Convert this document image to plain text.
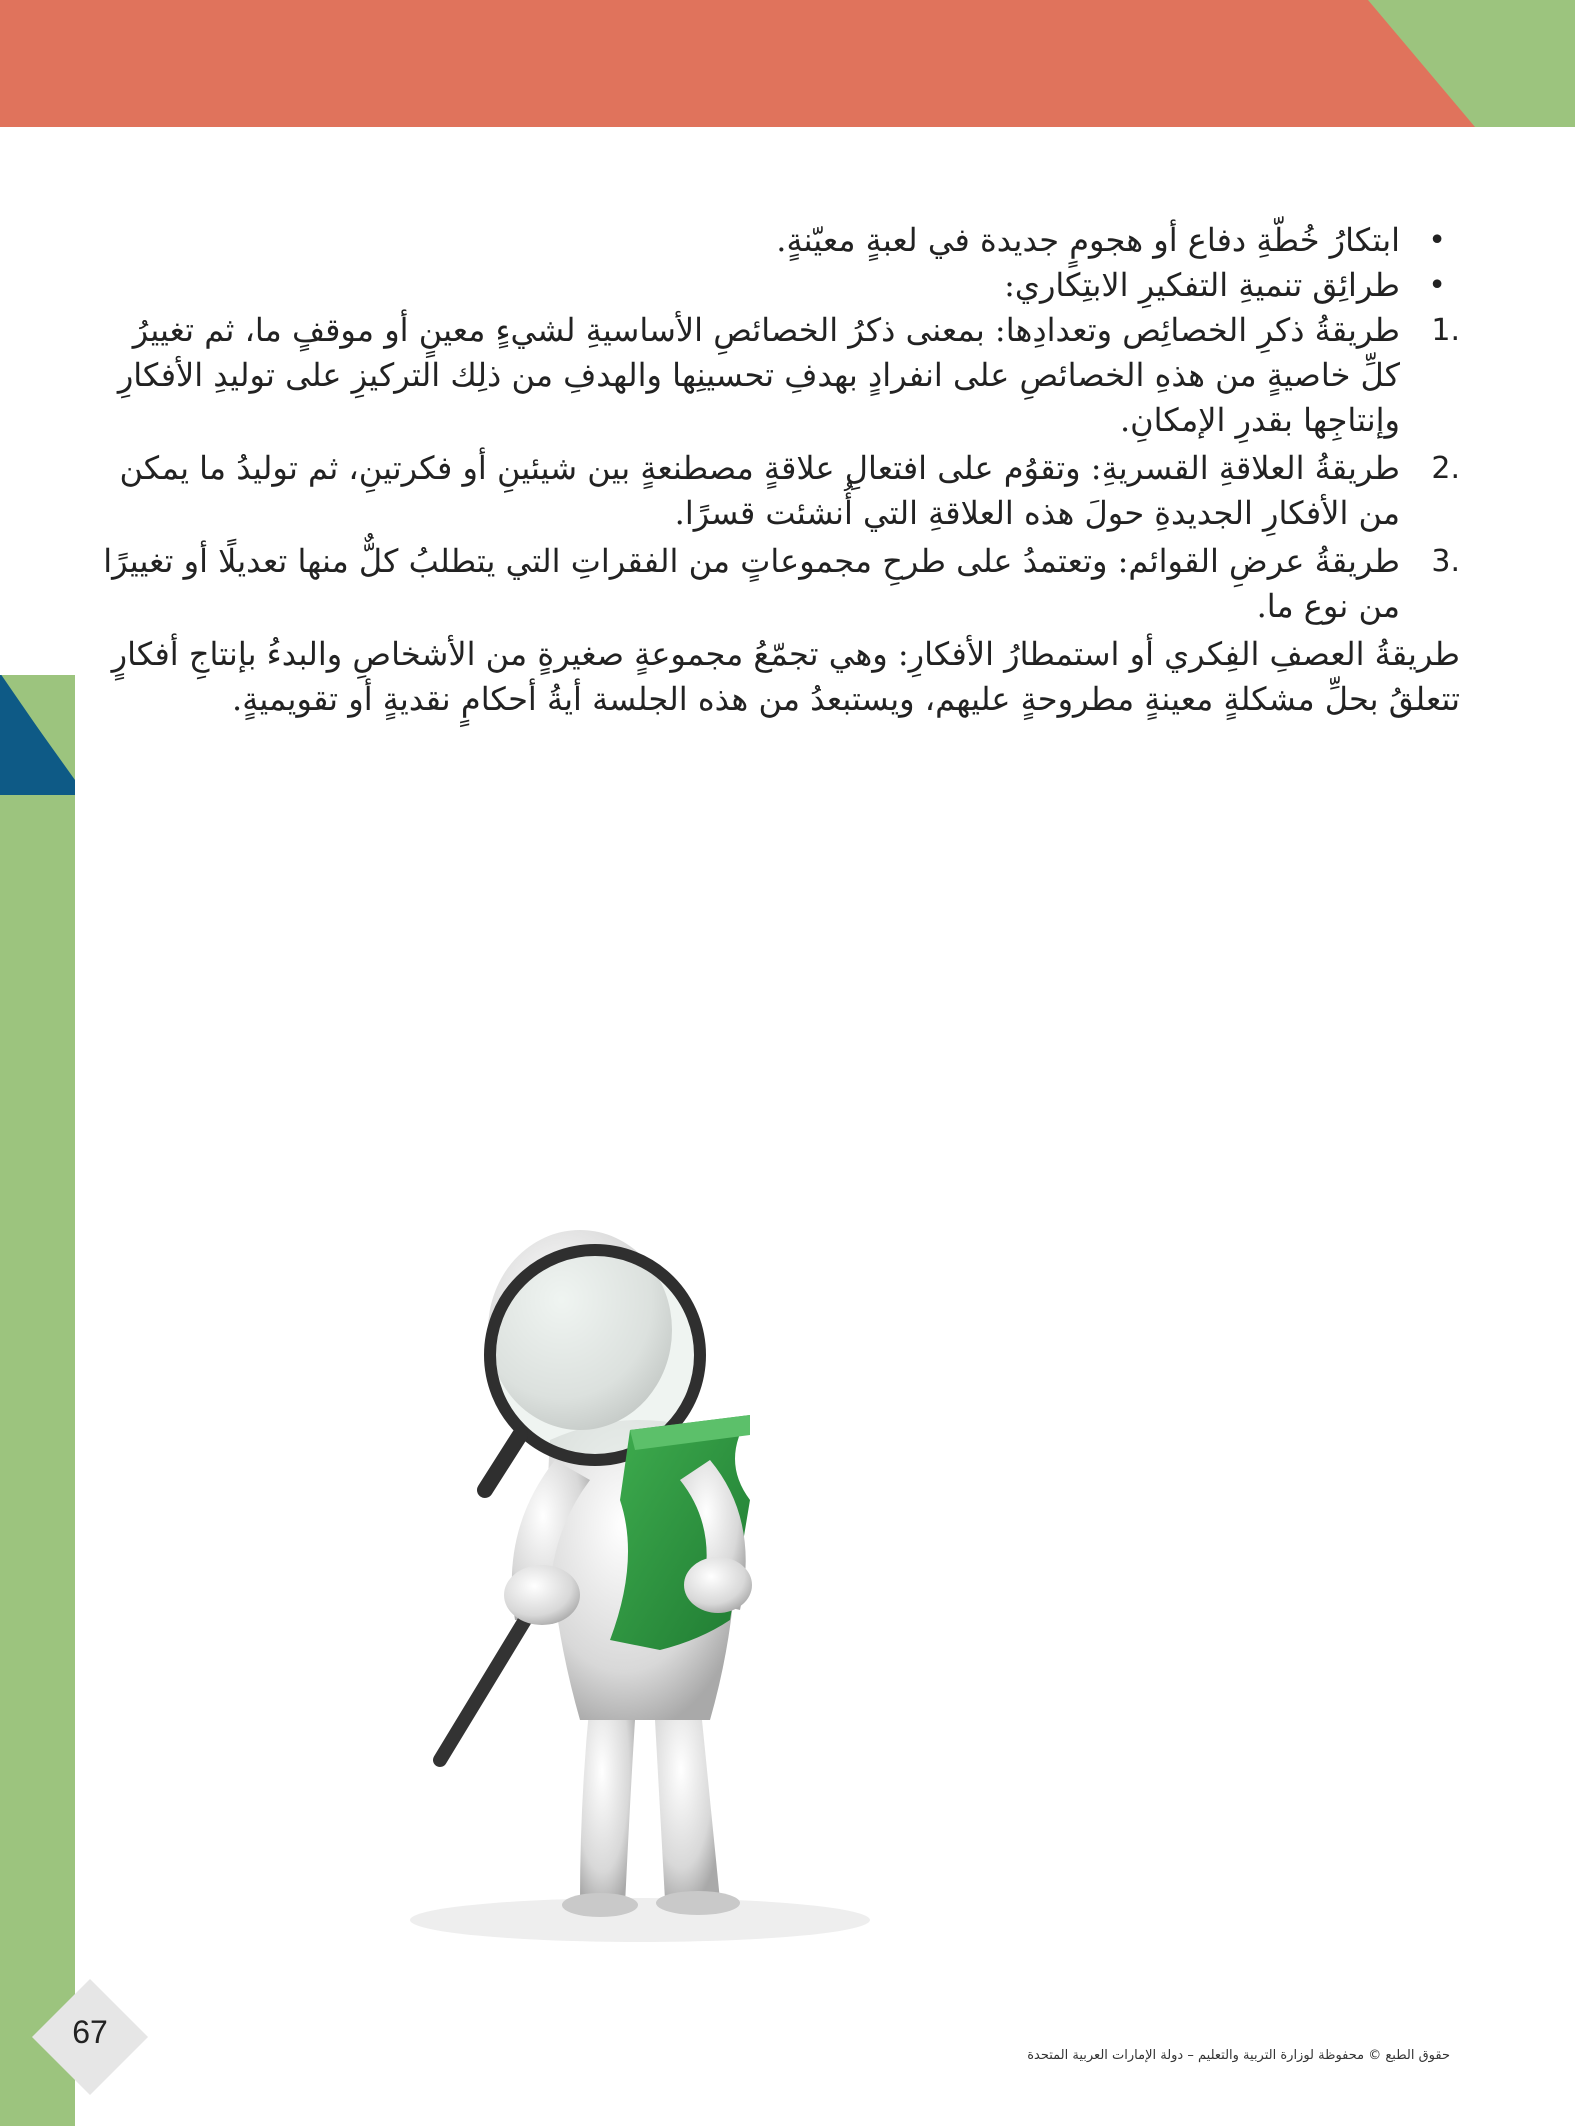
• ابتكارُ خُطّةِ دفاع أو هجومٍ جديدة في لعبةٍ معيّنةٍ.
• طرائِق تنميةِ التفكيرِ الابتِكاري:
1.
طريقةُ ذكرِ الخصائِص وتعدادِها: بمعنى ذكرُ الخصائصِ الأساسيةِ لشيءٍ معينٍ أو موقفٍ ما، ثم تغييرُ كلِّ خاصيةٍ من هذهِ الخصائصِ على انفرادٍ بهدفِ تحسينِها والهدفِ من ذلِك التركيزِ على توليدِ الأفكارِ وإنتاجِها بقدرِ الإمكانِ.
2.
طريقةُ العلاقةِ القسريةِ: وتقوُم على افتعالِ علاقةٍ مصطنعةٍ بين شيئينِ أو فكرتينِ، ثم توليدُ ما يمكن من الأفكارِ الجديدةِ حولَ هذه العلاقةِ التي أُنشئت قسرًا.
3.
طريقةُ عرضِ القوائم: وتعتمدُ على طرحِ مجموعاتٍ من الفقراتِ التي يتطلبُ كلٌّ منها تعديلًا أو تغييرًا من نوع ما.

طريقةُ العصفِ الفِكري أو استمطارُ الأفكارِ: وهي تجمّعُ مجموعةٍ صغيرةٍ من الأشخاصِ والبدءُ بإنتاجِ أفكارٍ تتعلقُ بحلِّ مشكلةٍ معينةٍ مطروحةٍ عليهم، ويستبعدُ من هذه الجلسة أيةُ أحكامٍ نقديةٍ أو تقويميةٍ.

67
حقوق الطبع © محفوظة لوزارة التربية والتعليم – دولة الإمارات العربية المتحدة
